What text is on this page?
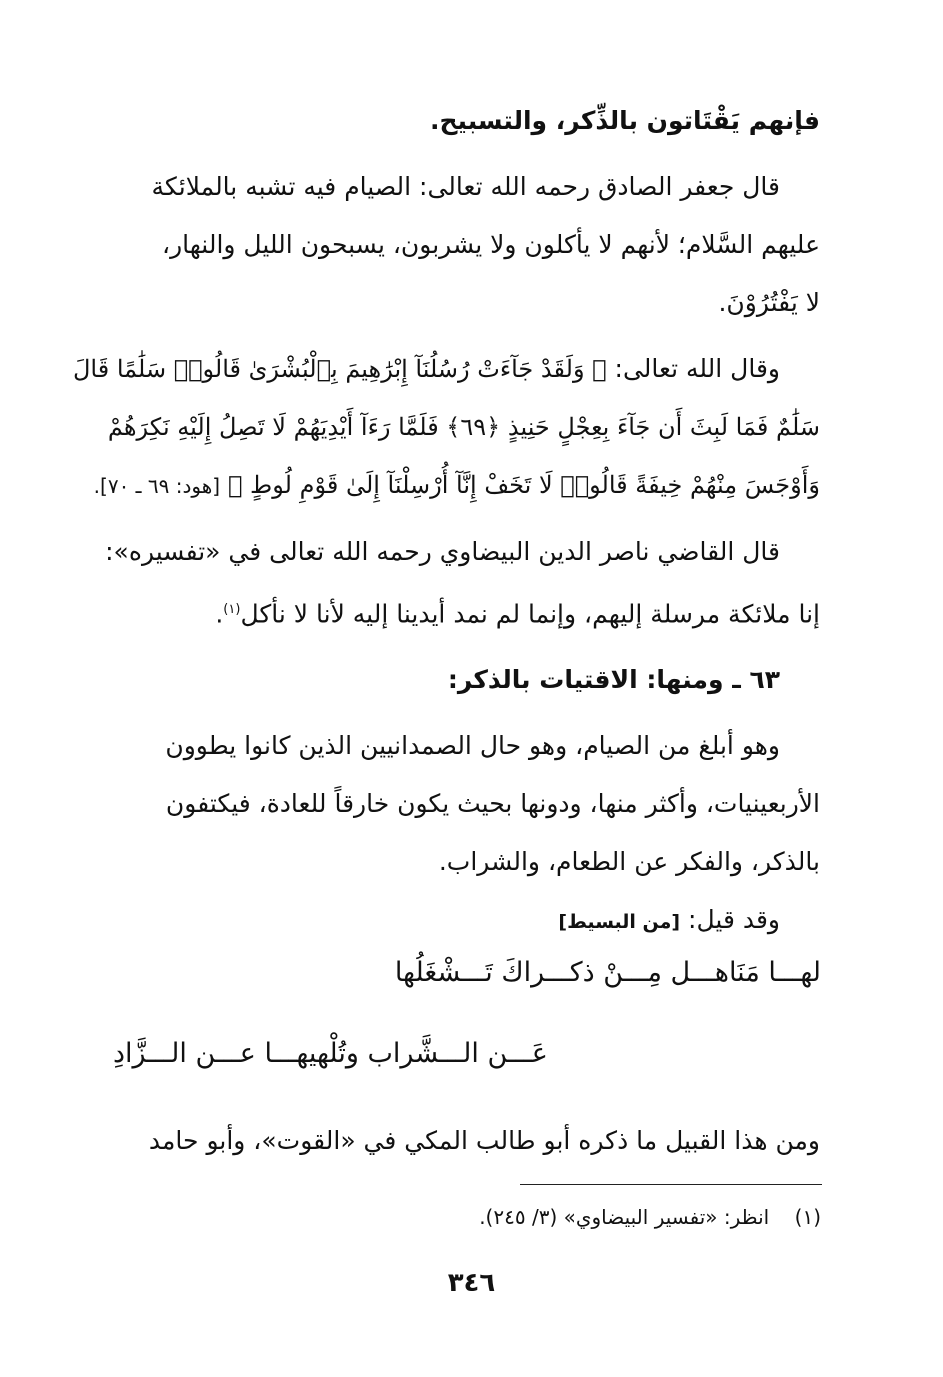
فإنهم يَقْتَاتون بالذِّكر، والتسبيح.
قال جعفر الصادق رحمه الله تعالى: الصيام فيه تشبه بالملائكة
عليهم السَّلام؛ لأنهم لا يأكلون ولا يشربون، يسبحون الليل والنهار،
لا يَفْتُرُوْنَ.
وقال الله تعالى: ﴿ وَلَقَدْ جَآءَتْ رُسُلُنَآ إِبْرَٰهِيمَ بِٱلْبُشْرَىٰ قَالُوا۟ سَلَٰمًا قَالَ
سَلَٰمٌ فَمَا لَبِثَ أَن جَآءَ بِعِجْلٍ حَنِيذٍ ﴿٦٩﴾ فَلَمَّا رَءَآ أَيْدِيَهُمْ لَا تَصِلُ إِلَيْهِ نَكِرَهُمْ
وَأَوْجَسَ مِنْهُمْ خِيفَةً قَالُوا۟ لَا تَخَفْ إِنَّآ أُرْسِلْنَآ إِلَىٰ قَوْمِ لُوطٍ ﴾ [هود: ٦٩ ـ ٧٠].
قال القاضي ناصر الدين البيضاوي رحمه الله تعالى في «تفسيره»:
إنا ملائكة مرسلة إليهم، وإنما لم نمد أيدينا إليه لأنا لا نأكل$^{(١)}$.
٦٣ ـ ومنها: الاقتيات بالذكر:
وهو أبلغ من الصيام، وهو حال الصمدانيين الذين كانوا يطوون
الأربعينيات، وأكثر منها، ودونها بحيث يكون خارقاً للعادة، فيكتفون
بالذكر، والفكر عن الطعام، والشراب.
وقد قيل: [من البسيط]
لهـــا مَنَاهـــل مِـــنْ ذكـــراكَ تَـــشْغَلُها
عَـــن الـــشَّراب وتُلْهيهـــا عـــن الـــزَّادِ
ومن هذا القبيل ما ذكره أبو طالب المكي في «القوت»، وأبو حامد
(١)    انظر: «تفسير البيضاوي» (٣/ ٢٤٥).
٣٤٦
